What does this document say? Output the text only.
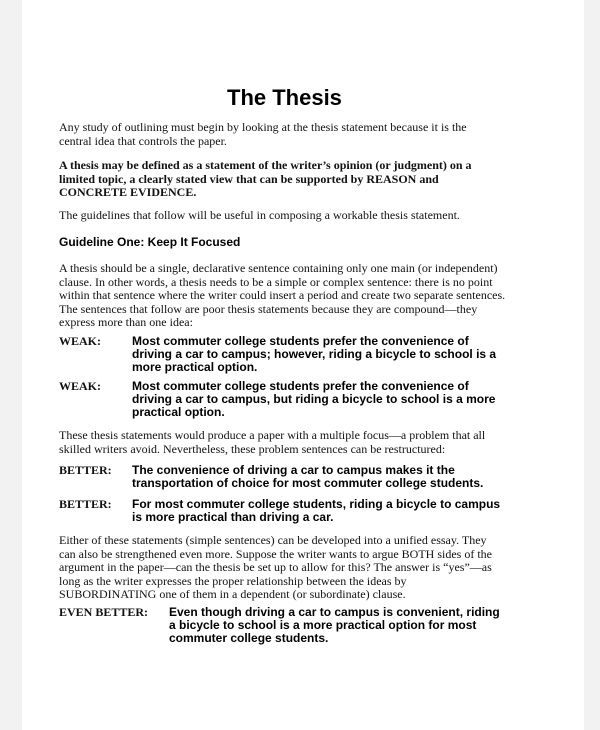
The Thesis

Any study of outlining must begin by looking at the thesis statement because it is the central idea that controls the paper.

A thesis may be defined as a statement of the writer’s opinion (or judgment) on a limited topic, a clearly stated view that can be supported by REASON and CONCRETE EVIDENCE.

The guidelines that follow will be useful in composing a workable thesis statement.

Guideline One: Keep It Focused

A thesis should be a single, declarative sentence containing only one main (or independent) clause. In other words, a thesis needs to be a simple or complex sentence: there is no point within that sentence where the writer could insert a period and create two separate sentences. The sentences that follow are poor thesis statements because they are compound—they express more than one idea:

WEAK:	Most commuter college students prefer the convenience of driving a car to campus; however, riding a bicycle to school is a more practical option.
WEAK:	Most commuter college students prefer the convenience of driving a car to campus, but riding a bicycle to school is a more practical option.

These thesis statements would produce a paper with a multiple focus—a problem that all skilled writers avoid. Nevertheless, these problem sentences can be restructured:

BETTER: The convenience of driving a car to campus makes it the transportation of choice for most commuter college students.
BETTER: For most commuter college students, riding a bicycle to campus is more practical than driving a car.

Either of these statements (simple sentences) can be developed into a unified essay. They can also be strengthened even more. Suppose the writer wants to argue BOTH sides of the argument in the paper—can the thesis be set up to allow for this? The answer is “yes”—as long as the writer expresses the proper relationship between the ideas by SUBORDINATING one of them in a dependent (or subordinate) clause.

EVEN BETTER: Even though driving a car to campus is convenient, riding a bicycle to school is a more practical option for most commuter college students.
